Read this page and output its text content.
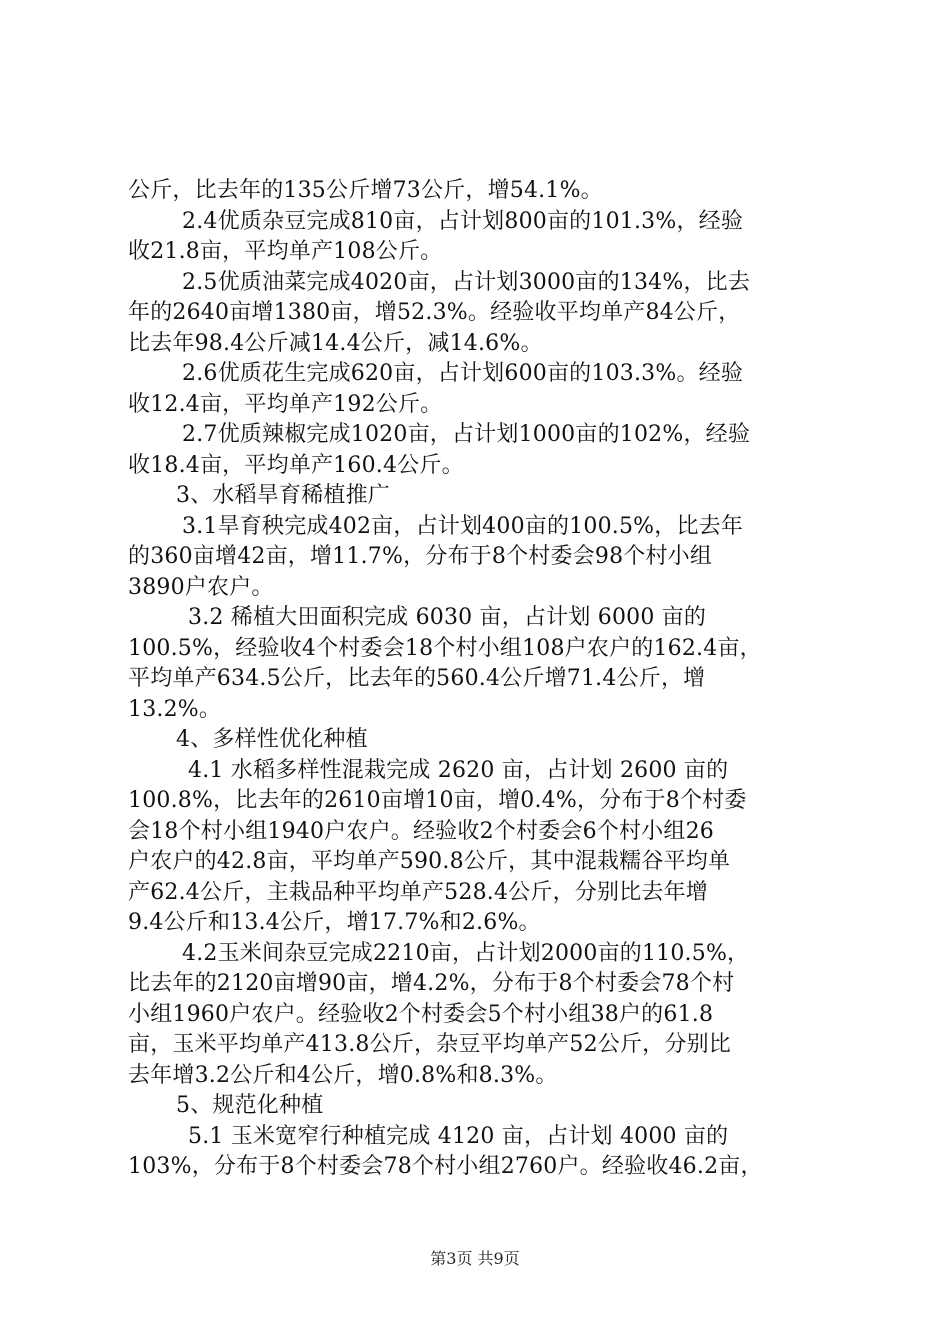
公斤，比去年的135公斤增73公斤，增54.1%。
2.4优质杂豆完成810亩，占计划800亩的101.3%，经验
收21.8亩，平均单产108公斤。
2.5优质油菜完成4020亩，占计划3000亩的134%，比去
年的2640亩增1380亩，增52.3%。经验收平均单产84公斤，
比去年98.4公斤减14.4公斤，减14.6%。
2.6优质花生完成620亩，占计划600亩的103.3%。经验
收12.4亩，平均单产192公斤。
2.7优质辣椒完成1020亩，占计划1000亩的102%，经验
收18.4亩，平均单产160.4公斤。
3、水稻旱育稀植推广
3.1旱育秧完成402亩，占计划400亩的100.5%，比去年
的360亩增42亩，增11.7%，分布于8个村委会98个村小组
3890户农户。
3.2 稀植大田面积完成 6030 亩，占计划 6000 亩的
100.5%，经验收4个村委会18个村小组108户农户的162.4亩，
平均单产634.5公斤，比去年的560.4公斤增71.4公斤，增
13.2%。
4、多样性优化种植
4.1 水稻多样性混栽完成 2620 亩，占计划 2600 亩的
100.8%，比去年的2610亩增10亩，增0.4%，分布于8个村委
会18个村小组1940户农户。经验收2个村委会6个村小组26
户农户的42.8亩，平均单产590.8公斤，其中混栽糯谷平均单
产62.4公斤，主栽品种平均单产528.4公斤，分别比去年增
9.4公斤和13.4公斤，增17.7%和2.6%。
4.2玉米间杂豆完成2210亩，占计划2000亩的110.5%，
比去年的2120亩增90亩，增4.2%，分布于8个村委会78个村
小组1960户农户。经验收2个村委会5个村小组38户的61.8
亩，玉米平均单产413.8公斤，杂豆平均单产52公斤，分别比
去年增3.2公斤和4公斤，增0.8%和8.3%。
5、规范化种植
5.1 玉米宽窄行种植完成 4120 亩，占计划 4000 亩的
103%，分布于8个村委会78个村小组2760户。经验收46.2亩，
第3页 共9页
